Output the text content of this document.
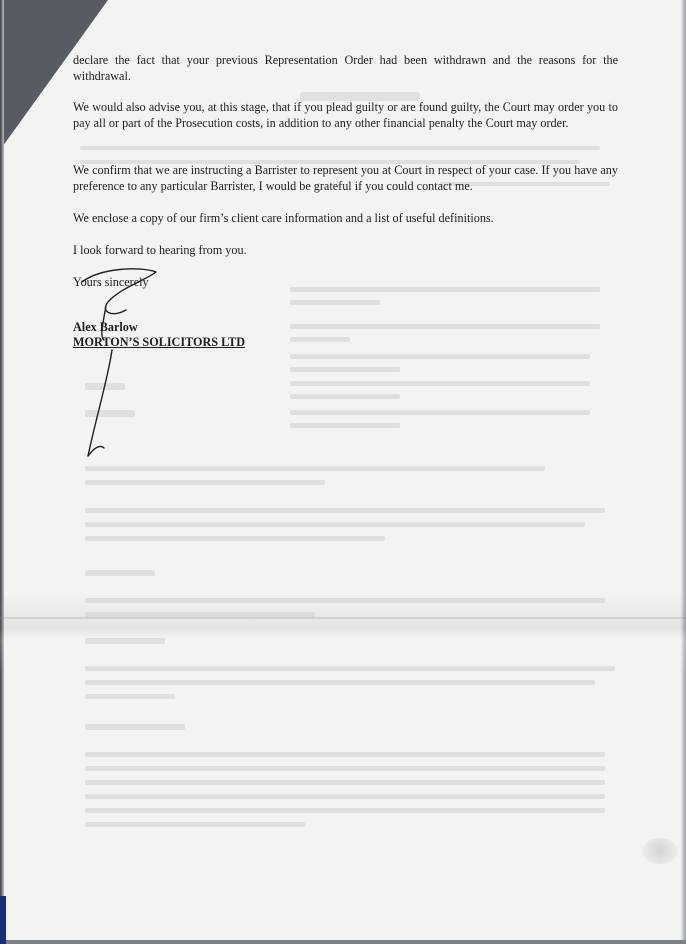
declare the fact that your previous Representation Order had been withdrawn and the reasons for the withdrawal.

We would also advise you, at this stage, that if you plead guilty or are found guilty, the Court may order you to pay all or part of the Prosecution costs, in addition to any other financial penalty the Court may order.

We confirm that we are instructing a Barrister to represent you at Court in respect of your case. If you have any preference to any particular Barrister, I would be grateful if you could contact me.

We enclose a copy of our firm’s client care information and a list of useful definitions.

I look forward to hearing from you.

Yours sincerely

Alex Barlow

MORTON’S SOLICITORS LTD
